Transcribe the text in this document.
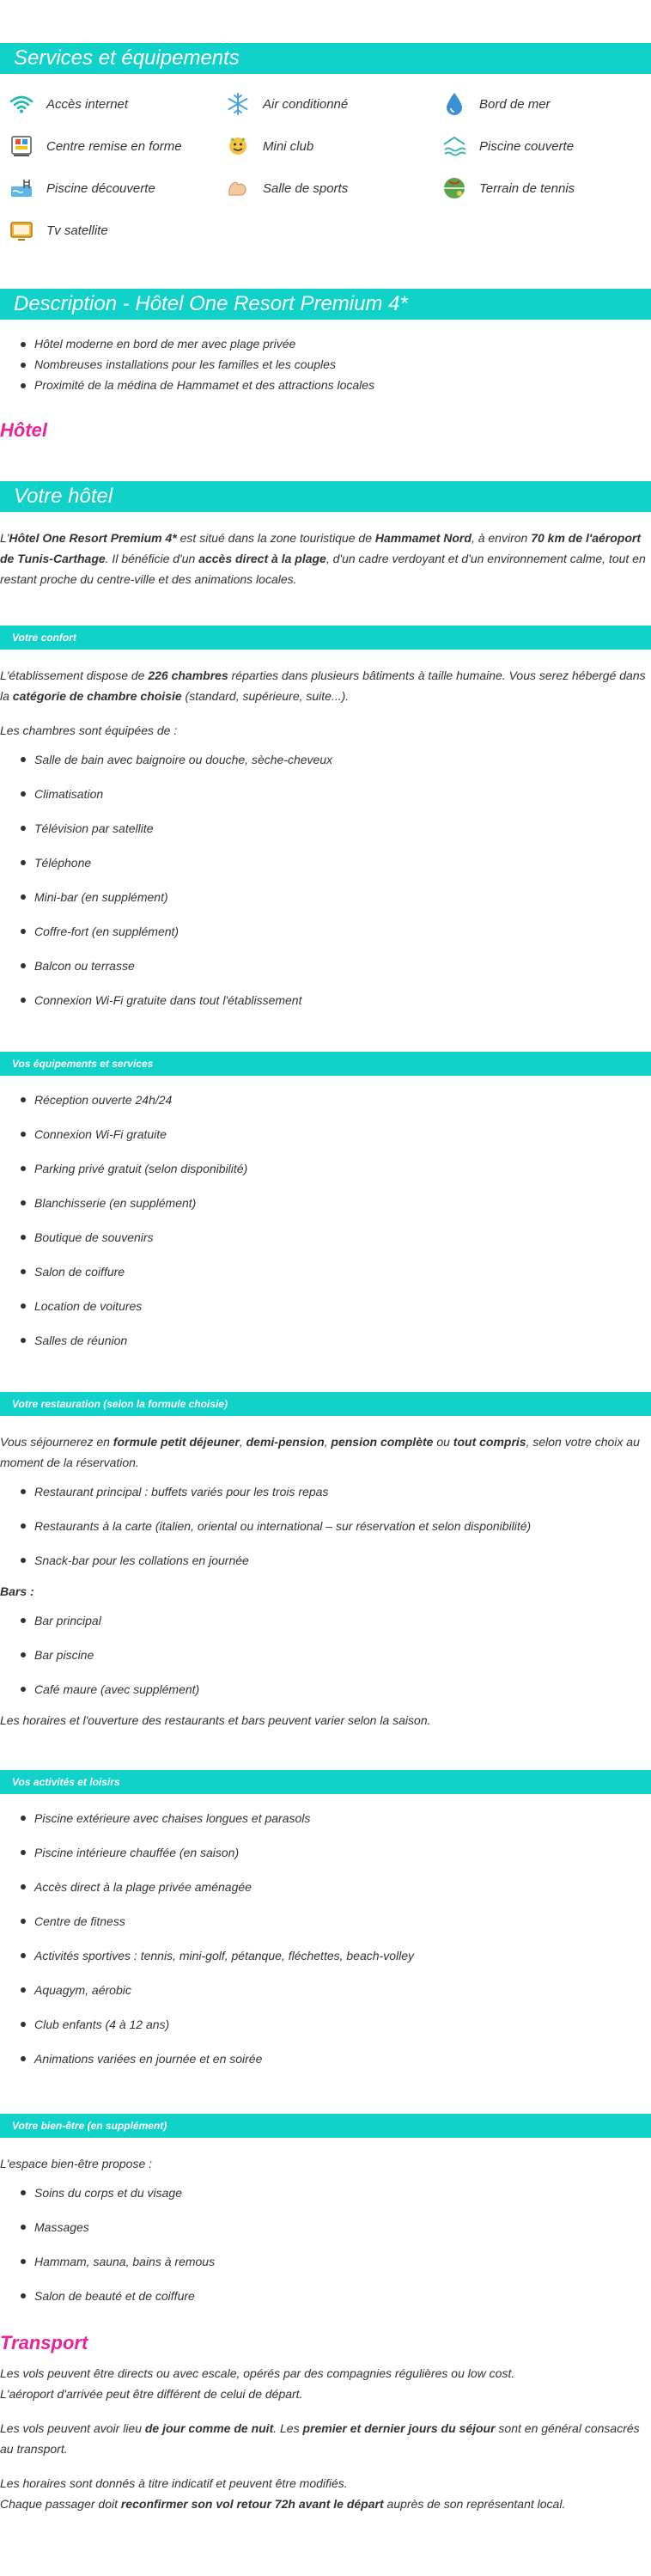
Services et équipements
Accès internet	Air conditionné	Bord de mer
Centre remise en forme	Mini club	Piscine couverte
Piscine découverte	Salle de sports	Terrain de tennis
Tv satellite
Description - Hôtel One Resort Premium 4*
Hôtel moderne en bord de mer avec plage privée
Nombreuses installations pour les familles et les couples
Proximité de la médina de Hammamet et des attractions locales
Hôtel
Votre hôtel

L'Hôtel One Resort Premium 4* est situé dans la zone touristique de Hammamet Nord, à environ 70 km de l'aéroport de Tunis-Carthage. Il bénéficie d'un accès direct à la plage, d'un cadre verdoyant et d'un environnement calme, tout en restant proche du centre-ville et des animations locales.

Votre confort

L'établissement dispose de 226 chambres réparties dans plusieurs bâtiments à taille humaine. Vous serez hébergé dans la catégorie de chambre choisie (standard, supérieure, suite...).

Les chambres sont équipées de :

Salle de bain avec baignoire ou douche, sèche-cheveux
Climatisation
Télévision par satellite
Téléphone
Mini-bar (en supplément)
Coffre-fort (en supplément)
Balcon ou terrasse
Connexion Wi-Fi gratuite dans tout l'établissement
Vos équipements et services
Réception ouverte 24h/24
Connexion Wi-Fi gratuite
Parking privé gratuit (selon disponibilité)
Blanchisserie (en supplément)
Boutique de souvenirs
Salon de coiffure
Location de voitures
Salles de réunion
Votre restauration (selon la formule choisie)

Vous séjournerez en formule petit déjeuner, demi-pension, pension complète ou tout compris, selon votre choix au moment de la réservation.

Restaurant principal : buffets variés pour les trois repas
Restaurants à la carte (italien, oriental ou international – sur réservation et selon disponibilité)
Snack-bar pour les collations en journée

Bars :

Bar principal
Bar piscine
Café maure (avec supplément)

Les horaires et l'ouverture des restaurants et bars peuvent varier selon la saison.

Vos activités et loisirs
Piscine extérieure avec chaises longues et parasols
Piscine intérieure chauffée (en saison)
Accès direct à la plage privée aménagée
Centre de fitness
Activités sportives : tennis, mini-golf, pétanque, fléchettes, beach-volley
Aquagym, aérobic
Club enfants (4 à 12 ans)
Animations variées en journée et en soirée
Votre bien-être (en supplément)

L'espace bien-être propose :

Soins du corps et du visage
Massages
Hammam, sauna, bains à remous
Salon de beauté et de coiffure
Transport

Les vols peuvent être directs ou avec escale, opérés par des compagnies régulières ou low cost.

L'aéroport d'arrivée peut être différent de celui de départ.

Les vols peuvent avoir lieu de jour comme de nuit. Les premier et dernier jours du séjour sont en général consacrés au transport.

Les horaires sont donnés à titre indicatif et peuvent être modifiés.

Chaque passager doit reconfirmer son vol retour 72h avant le départ auprès de son représentant local.
